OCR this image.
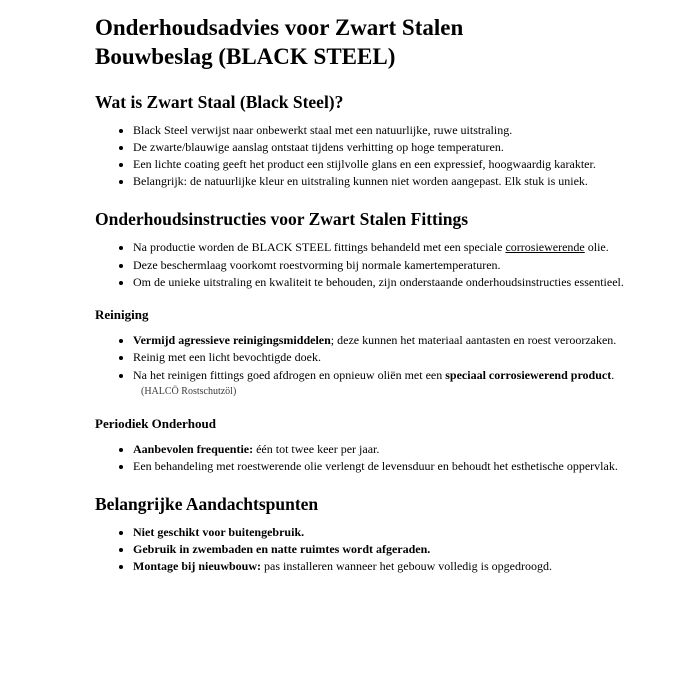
Onderhoudsadvies voor Zwart Stalen Bouwbeslag (BLACK STEEL)
Wat is Zwart Staal (Black Steel)?
• Black Steel verwijst naar onbewerkt staal met een natuurlijke, ruwe uitstraling.
• De zwarte/blauwige aanslag ontstaat tijdens verhitting op hoge temperaturen.
• Een lichte coating geeft het product een stijlvolle glans en een expressief, hoogwaardig karakter.
• Belangrijk: de natuurlijke kleur en uitstraling kunnen niet worden aangepast. Elk stuk is uniek.
Onderhoudsinstructies voor Zwart Stalen Fittings
• Na productie worden de BLACK STEEL fittings behandeld met een speciale corrosiewerende olie.
• Deze beschermlaag voorkomt roestvorming bij normale kamertemperaturen.
• Om de unieke uitstraling en kwaliteit te behouden, zijn onderstaande onderhoudsinstructies essentieel.
Reiniging
• Vermijd agressieve reinigingsmiddelen; deze kunnen het materiaal aantasten en roest veroorzaken.
• Reinig met een licht bevochtigde doek.
• Na het reinigen fittings goed afdrogen en opnieuw oliën met een speciaal corrosiewerend product.(HALCÖ Rostschutzöl)
Periodiek Onderhoud
• Aanbevolen frequentie: één tot twee keer per jaar.
• Een behandeling met roestwerende olie verlengt de levensduur en behoudt het esthetische oppervlak.
Belangrijke Aandachtspunten
• Niet geschikt voor buitengebruik.
• Gebruik in zwembaden en natte ruimtes wordt afgeraden.
• Montage bij nieuwbouw: pas installeren wanneer het gebouw volledig is opgedroogd.
